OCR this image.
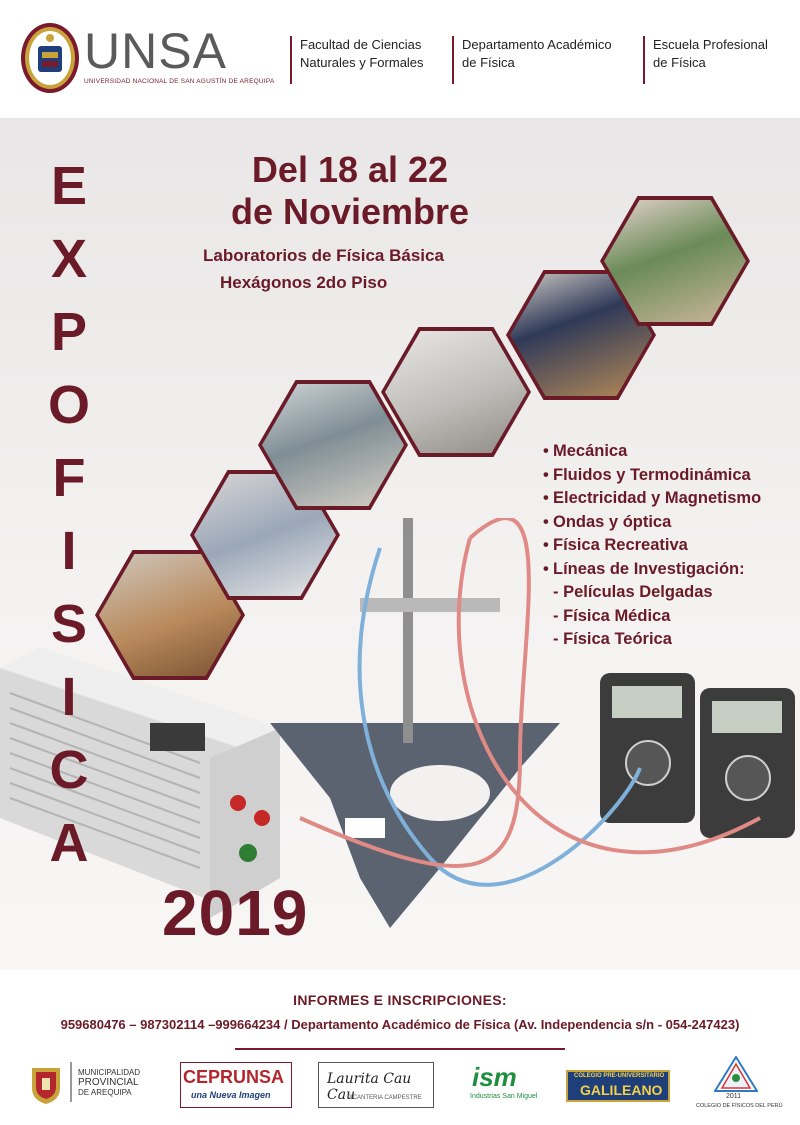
UNSA
UNIVERSIDAD NACIONAL DE SAN AGUSTÍN DE AREQUIPA
Facultad de Ciencias
Naturales y Formales
Departamento Académico
de Física
Escuela Profesional
de Física
E
X
P
O
F
I
S
I
C
A
2019
Del 18 al 22
de Noviembre
Laboratorios de Física Básica
Hexágonos 2do Piso
• Mecánica
• Fluidos y Termodinámica
• Electricidad y Magnetismo
• Ondas y óptica
• Física Recreativa
• Líneas de Investigación:
- Películas Delgadas
- Física Médica
- Física Teórica
INFORMES E INSCRIPCIONES:
959680476 – 987302114 –999664234 / Departamento Académico de Física (Av. Independencia s/n - 054-247423)
MUNICIPALIDAD
PROVINCIAL
DE AREQUIPA
CEPRUNSA
una Nueva Imagen
Laurita Cau Cau
PICANTERIA CAMPESTRE
ism
Industrias San Miguel
COLEGIO PRE-UNIVERSITARIO
GALILEANO	2011
COLEGIO DE FÍSICOS DEL PERÚ
